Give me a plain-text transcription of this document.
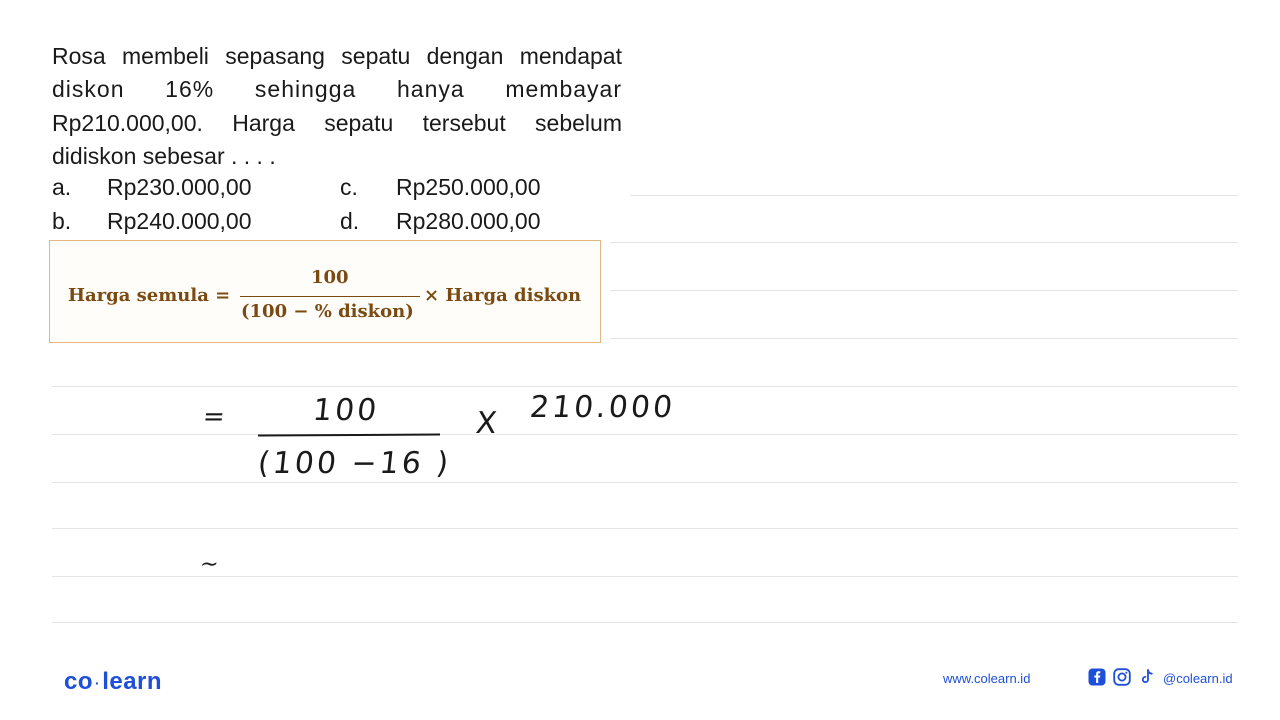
Rosa membeli sepasang sepatu dengan mendapat
diskon 16% sehingga hanya membayar
Rp210.000,00. Harga sepatu tersebut sebelum
didiskon sebesar . . . .
a. Rp230.000,00
b. Rp240.000,00
c. Rp250.000,00
d. Rp280.000,00
Harga semula =
100
(100 − % diskon)
× Harga diskon
=	100
(100 −16 )
X 210.000
~
co ·learn	www.colearn.id	@colearn.id
